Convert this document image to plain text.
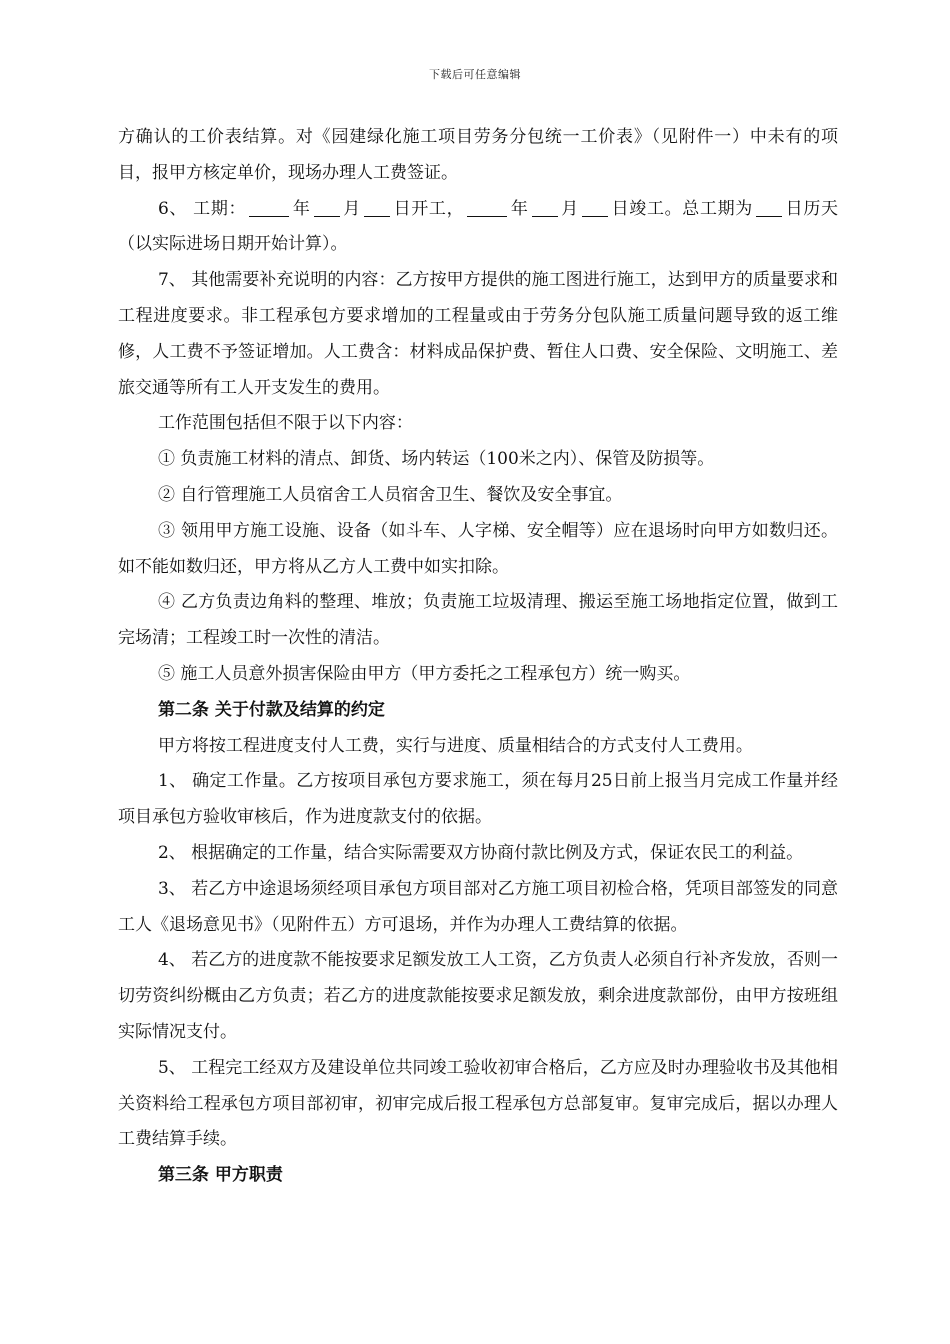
下载后可任意编辑

方确认的工价表结算。对《园建绿化施工项目劳务分包统一工价表》（见附件一）中未有的项目，报甲方核定单价，现场办理人工费签证。

6、 工期：	年 月 日开工，	年 月 日竣工。总工期为 日历天（以实际进场日期开始计算）。

7、 其他需要补充说明的内容：乙方按甲方提供的施工图进行施工，达到甲方的质量要求和工程进度要求。非工程承包方要求增加的工程量或由于劳务分包队施工质量问题导致的返工维修，人工费不予签证增加。人工费含：材料成品保护费、暂住人口费、安全保险、文明施工、差旅交通等所有工人开支发生的费用。

工作范围包括但不限于以下内容：

① 负责施工材料的清点、卸货、场内转运（100米之内）、保管及防损等。

② 自行管理施工人员宿舍工人员宿舍卫生、餐饮及安全事宜。

③ 领用甲方施工设施、设备（如斗车、人字梯、安全帽等）应在退场时向甲方如数归还。如不能如数归还，甲方将从乙方人工费中如实扣除。

④ 乙方负责边角料的整理、堆放；负责施工垃圾清理、搬运至施工场地指定位置，做到工完场清；工程竣工时一次性的清洁。

⑤ 施工人员意外损害保险由甲方（甲方委托之工程承包方）统一购买。

第二条 关于付款及结算的约定

甲方将按工程进度支付人工费，实行与进度、质量相结合的方式支付人工费用。

1、 确定工作量。乙方按项目承包方要求施工，须在每月25日前上报当月完成工作量并经项目承包方验收审核后，作为进度款支付的依据。

2、 根据确定的工作量，结合实际需要双方协商付款比例及方式，保证农民工的利益。

3、 若乙方中途退场须经项目承包方项目部对乙方施工项目初检合格，凭项目部签发的同意工人《退场意见书》（见附件五）方可退场，并作为办理人工费结算的依据。

4、 若乙方的进度款不能按要求足额发放工人工资，乙方负责人必须自行补齐发放，否则一切劳资纠纷概由乙方负责；若乙方的进度款能按要求足额发放，剩余进度款部份，由甲方按班组实际情况支付。

5、 工程完工经双方及建设单位共同竣工验收初审合格后，乙方应及时办理验收书及其他相关资料给工程承包方项目部初审，初审完成后报工程承包方总部复审。复审完成后，据以办理人工费结算手续。

第三条 甲方职责
